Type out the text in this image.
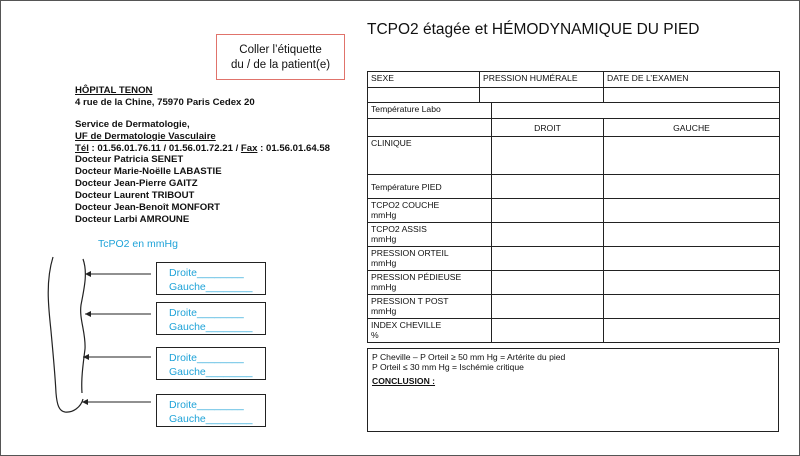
Coller l’étiquette
du / de la patient(e)
HÔPITAL TENON
4 rue de la Chine, 75970 Paris Cedex 20
Service de Dermatologie,
UF de Dermatologie Vasculaire
Tél : 01.56.01.76.11 / 01.56.01.72.21 / Fax : 01.56.01.64.58
Docteur Patricia SENET
Docteur Marie-Noëlle LABASTIE
Docteur Jean-Pierre GAITZ
Docteur Laurent TRIBOUT
Docteur Jean-Benoît MONFORT
Docteur Larbi AMROUNE
TcPO2 en mmHg
Droite________
Gauche________
Droite________
Gauche________
Droite________
Gauche________
Droite________
Gauche________
TCPO2 étagée et HÉMODYNAMIQUE DU PIED
SEXE	PRESSION HUMÉRALE		DATE DE L’EXAMEN

Température Labo			
		DROIT	GAUCHE
CLINIQUE			
Température PIED			

TCPO2 COUCHE
mmHg			

TCPO2 ASSIS
mmHg			

PRESSION ORTEIL
mmHg			

PRESSION PÉDIEUSE
mmHg			

PRESSION T POST
mmHg			

INDEX CHEVILLE
%			

P Cheville – P Orteil ≥ 50 mm Hg = Artérite du pied
P Orteil ≤ 30 mm Hg = Ischémie critique
CONCLUSION :
